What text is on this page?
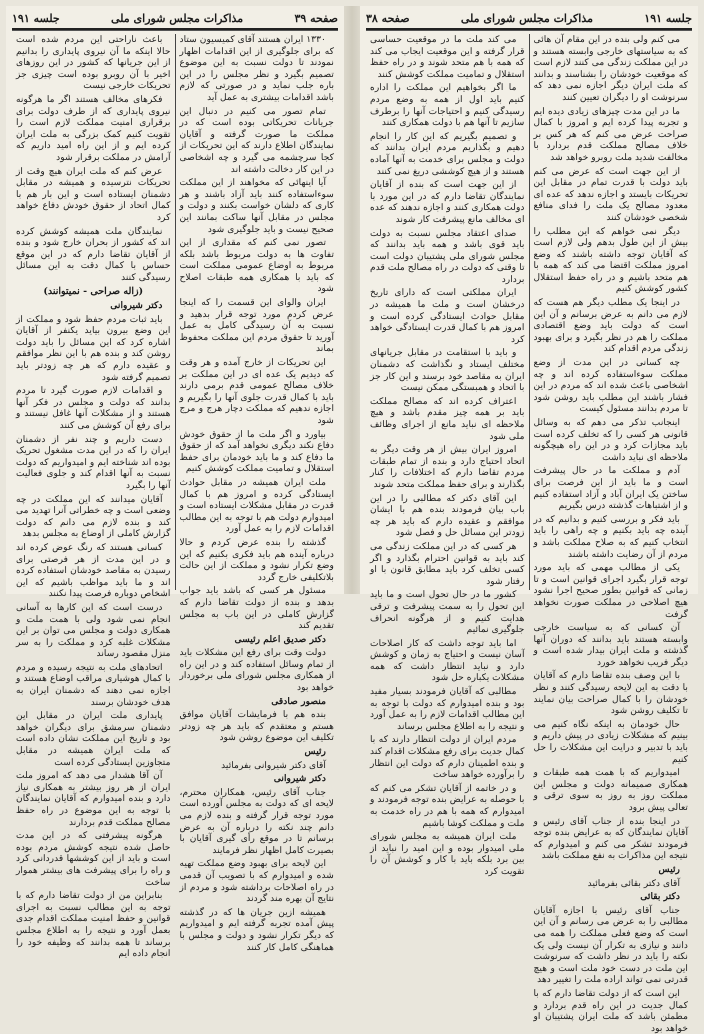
صفحه ۳۹
مذاکرات مجلس شورای ملی
جلسه ۱۹۱

۱۳۳۰ ایران هستند آقای کمیسیون ستاد که برای جلوگیری از این اقدامات اظهار نمودند تا دولت نسبت به این موضوع تصمیم بگیرد و نظر مجلس را در این باره جلب نماید و در صورتی که لازم باشد اقدامات بیشتری به عمل آید

تمام تصور می کنیم در دنبال این جریانات تحریکاتی بوده است که در مملکت ما صورت گرفته و آقایان نمایندگان اطلاع دارند که این تحریکات از کجا سرچشمه می گیرد و چه اشخاصی در این کار دخالت داشته اند

آیا اینهائی که مخواهند از این مملکت سوءاستفاده کنند باید آزاد باشند و هر کاری که دلشان خواست بکنند و دولت و مجلس در مقابل آنها ساکت بمانند این صحیح نیست و باید جلوگیری شود

تصور نمی کنم که مقداری از این تفاوت ها به دولت مربوط باشد بلکه مربوط به اوضاع عمومی مملکت است که باید با همکاری همه طبقات اصلاح شود

ایران والوای این قسمت را که اینجا عرض کردم مورد توجه قرار بدهید و نسبت به آن رسیدگی کامل به عمل آورید تا حقوق مردم این مملکت محفوظ بماند

این تحریکات از خارج آمده و هر وقت که دیدیم یک عده ای در این مملکت بر خلاف مصالح عمومی قدم برمی دارند باید با کمال قدرت جلوی آنها را بگیریم و اجازه ندهیم که مملکت دچار هرج و مرج شود

بیاورد و اگر ملت ما از حقوق خودش دفاع نکند دیگری نخواهد آمد که از حقوق ما دفاع کند و ما باید خودمان برای حفظ استقلال و تمامیت مملکت کوشش کنیم

ملت ایران همیشه در مقابل حوادث ایستادگی کرده و امروز هم با کمال قدرت در مقابل مشکلات ایستاده است و امیدوارم دولت هم با توجه به این مطالب اقدامات لازم را به عمل آورد

گذشته را بنده عرض کردم و حالا درباره آینده هم باید فکری بکنیم که این وضع تکرار نشود و مملکت از این حالت بلاتکلیفی خارج گردد

مسئول هر کسی که باشد باید جواب بدهد و بنده از دولت تقاضا دارم که گزارش کاملی در این باب به مجلس تقدیم کند

دکتر صدیق اعلم رئیسی

دولت وقت برای رفع این مشکلات باید از تمام وسائل استفاده کند و در این راه از همکاری مجلس شورای ملی برخوردار خواهد بود

منصور صادقی

بنده هم با فرمایشات آقایان موافق هستم و معتقدم که باید هر چه زودتر تکلیف این موضوع روشن شود

رئیس

آقای دکتر شیروانی بفرمائید

دکتر شیروانی

جناب آقای رئیس، همکاران محترم، لایحه ای که دولت به مجلس آورده است مورد توجه قرار گرفته و بنده لازم می دانم چند نکته را درباره آن به عرض برسانم تا در موقع رأی گیری آقایان با بصیرت کامل اظهار نظر فرمایند

این لایحه برای بهبود وضع مملکت تهیه شده و امیدوارم که با تصویب آن قدمی در راه اصلاحات برداشته شود و مردم از نتایج آن بهره مند گردند

همیشه ازین جریان ها که در گذشته پیش آمده تجربه گرفته ایم و امیدواریم که دیگر تکرار نشود و دولت و مجلس با هماهنگی کامل کار کنند

باعث ناراحتی این مردم شده است حالا اینکه ما آن نیروی پایداری را بدانیم از این جریانها که کشور در این روزهای اخیر با آن روبرو بوده است چیزی جز تحریکات خارجی نیست

فکرهای مخالف هستند اگر ما هرگونه نیروی پایداری که از طرف دولت برای برقراری امنیت مملکت لازم است را تقویت کنیم کمک بزرگی به ملت ایران کرده ایم و از این راه امید داریم که آرامش در مملکت برقرار شود

عرض کنم که ملت ایران هیچ وقت از تحریکات نترسیده و همیشه در مقابل دشمنان ایستاده است و این بار هم با کمال اتحاد از حقوق خودش دفاع خواهد کرد

نمایندگان ملت همیشه کوشش کرده اند که کشور از بحران خارج شود و بنده از آقایان تقاضا دارم که در این موقع حساس با کمال دقت به این مسائل رسیدگی کنند

(زاله صراحی - نمیتوانند)

دکتر شیروانی

باید ثبات مردم حفظ شود و مملکت از این وضع بیرون بیاید یکنفر از آقایان اشاره کرد که این مسائل را باید دولت روشن کند و بنده هم با این نظر موافقم و عقیده دارم که هر چه زودتر باید تصمیم گرفته شود

و اقدامات لازم صورت گیرد تا مردم بدانند که دولت و مجلس در فکر آنها هستند و از مشکلات آنها غافل نیستند و برای رفع آن کوشش می کنند

دست داریم و چند نفر از دشمنان ایران را که در این مدت مشغول تحریک بوده اند شناخته ایم و امیدواریم که دولت نسبت به آنها اقدام کند و جلوی فعالیت آنها را بگیرد

آقایان میدانند که این مملکت در چه وضعی است و چه خطراتی آنرا تهدید می کند و بنده لازم می دانم که دولت گزارش کاملی از اوضاع به مجلس بدهد

کسانی هستند که رنگ عوض کرده اند و در این مدت از هر فرصتی برای رسیدن به مقاصد خودشان استفاده کرده اند و ما باید مواظب باشیم که این اشخاص دوباره فرصت پیدا نکنند

درست است که این کارها به آسانی انجام نمی شود ولی با همت ملت و همکاری دولت و مجلس می توان بر این مشکلات غلبه کرد و مملکت را به سر منزل مقصود رساند

اتحادهای ملت به نتیجه رسیده و مردم با کمال هوشیاری مراقب اوضاع هستند و اجازه نمی دهند که دشمنان ایران به هدف خودشان برسند

پایداری ملت ایران در مقابل این دشمنان سرمشق برای دیگران خواهد بود و تاریخ این مملکت نشان داده است که ملت ایران همیشه در مقابل متجاوزین ایستادگی کرده است

آن آقا هشدار می دهد که امروز ملت ایران از هر روز بیشتر به همکاری نیاز دارد و بنده امیدوارم که آقایان نمایندگان با توجه به این موضوع در راه حفظ مصالح مملکت قدم بردارند

هرگونه پیشرفتی که در این مدت حاصل شده نتیجه کوشش مردم بوده است و باید از این کوششها قدردانی کرد و راه را برای پیشرفت های بیشتر هموار ساخت

بنابراین من از دولت تقاضا دارم که با توجه به این مطالب نسبت به اجرای قوانین و حفظ امنیت مملکت اقدام جدی بعمل آورد و نتیجه را به اطلاع مجلس برساند تا همه بدانند که وظیفه خود را انجام داده ایم

جلسه ۱۹۱
مذاکرات مجلس شورای ملی
صفحه ۳۸

می کنم ولی بنده در این مقام آن هائی که به سیاستهای خارجی وابسته هستند و در این مملکت زندگی می کنند لازم است که موقعیت خودشان را بشناسند و بدانند که ملت ایران دیگر اجازه نمی دهد که سرنوشت او را دیگران تعیین کنند

ما در این مدت چیزهای زیادی دیده ایم و تجربه پیدا کرده ایم و امروز با کمال صراحت عرض می کنم که هر کس بر خلاف مصالح مملکت قدم بردارد با مخالفت شدید ملت روبرو خواهد شد

از این جهت است که عرض می کنم باید دولت با قدرت تمام در مقابل این تحریکات بایستد و اجازه ندهد که عده ای معدود مصالح یک ملت را فدای منافع شخصی خودشان کنند

دیگر نمی خواهم که این مطلب را بیش از این طول بدهم ولی لازم است که آقایان توجه داشته باشند که وضع امروز مملکت اقتضا می کند که همه با هم متحد باشیم و در راه حفظ استقلال کشور کوشش کنیم

در اینجا یک مطلب دیگر هم هست که لازم می دانم به عرض برسانم و آن این است که دولت باید وضع اقتصادی مملکت را هم در نظر بگیرد و برای بهبود زندگی مردم اقدام کند

چه کسانی در این مدت از وضع مملکت سوءاستفاده کرده اند و چه اشخاصی باعث شده اند که مردم در این فشار باشند این مطلب باید روشن شود تا مردم بدانند مسئول کیست

اینجانب تذکر می دهم که به وسائل قانونی هر کسی را که تخلف کرده است باید مجازات کرد و در این راه هیچگونه ملاحظه ای نباید داشت

آدم و مملکت ما در حال پیشرفت است و ما باید از این فرصت برای ساختن یک ایران آباد و آزاد استفاده کنیم و از اشتباهات گذشته درس بگیریم

باید فکر و بررسی کنیم و بدانیم که در آینده چه باید بکنیم و چه راهی را باید انتخاب کنیم که به صلاح مملکت باشد و مردم از آن رضایت داشته باشند

یکی از مطالب مهمی که باید مورد توجه قرار بگیرد اجرای قوانین است و تا زمانی که قوانین بطور صحیح اجرا نشود هیچ اصلاحی در مملکت صورت نخواهد گرفت

آن کسانی که به سیاست خارجی وابسته هستند باید بدانند که دوران آنها گذشته و ملت ایران بیدار شده است و دیگر فریب نخواهد خورد

با این وصف بنده تقاضا دارم که آقایان با دقت به این لایحه رسیدگی کنند و نظر خودشان را با کمال صراحت بیان نمایند تا تکلیف روشن شود

حال خودمان به اینکه نگاه کنیم می بینیم که مشکلات زیادی در پیش داریم و باید با تدبیر و درایت این مشکلات را حل کنیم

امیدواریم که با همت همه طبقات و همکاری صمیمانه دولت و مجلس این مملکت روز به روز به سوی ترقی و تعالی پیش برود

در اینجا بنده از جناب آقای رئیس و آقایان نمایندگان که به عرایض بنده توجه فرمودند تشکر می کنم و امیدوارم که نتیجه این مذاکرات به نفع مملکت باشد

رئیس

آقای دکتر بقائی بفرمائید

دکتر بقائی

جناب آقای رئیس با اجازه آقایان مطالبی را به عرض می رسانم و آن این است که وضع فعلی مملکت را همه می دانند و نیازی به تکرار آن نیست ولی یک نکته را باید در نظر داشت که سرنوشت این ملت در دست خود ملت است و هیچ قدرتی نمی تواند اراده ملت را تغییر دهد

این است که از دولت تقاضا دارم که با کمال جدیت در این راه قدم بردارد و مطمئن باشد که ملت ایران پشتیبان او خواهد بود

می کند ملت ما در موقعیت حساسی قرار گرفته و این موقعیت ایجاب می کند که همه با هم متحد شوند و در راه حفظ استقلال و تمامیت مملکت کوشش کنند

ما اگر بخواهیم این مملکت را اداره کنیم باید اول از همه به وضع مردم رسیدگی کنیم و احتیاجات آنها را برطرف سازیم تا آنها هم با دولت همکاری کنند

و تصمیم بگیریم که این کار را انجام دهیم و بگذاریم مردم ایران بدانند که دولت و مجلس برای خدمت به آنها آماده هستند و از هیچ کوششی دریغ نمی کنند

از این جهت است که بنده از آقایان نمایندگان تقاضا دارم که در این مورد با دولت همکاری کنند و اجازه ندهند که عده ای مخالف مانع پیشرفت کار شوند

صدای اعتقاد مجلس نسبت به دولت باید قوی باشد و همه باید بدانند که مجلس شورای ملی پشتیبان دولت است تا وقتی که دولت در راه مصالح ملت قدم بردارد

ایران مملکتی است که دارای تاریخ درخشان است و ملت ما همیشه در مقابل حوادث ایستادگی کرده است و امروز هم با کمال قدرت ایستادگی خواهد کرد

و باید با استقامت در مقابل جریانهای مختلف ایستاد و نگذاشت که دشمنان ایران به مقاصد خود برسند و این کار جز با اتحاد و همبستگی ممکن نیست

اعتراف کرده اند که مصالح مملکت باید بر همه چیز مقدم باشد و هیچ ملاحظه ای نباید مانع از اجرای وظائف ملی شود

امروز ایران بیش از هر وقت دیگر به اتحاد احتیاج دارد و بنده از تمام طبقات مردم تقاضا دارم که اختلافات را کنار بگذارند و برای حفظ مملکت متحد شوند

این آقای دکتر که مطالبی را در این باب بیان فرمودند بنده هم با ایشان موافقم و عقیده دارم که باید هر چه زودتر این مسائل حل و فصل شود

هر کسی که در این مملکت زندگی می کند باید به قوانین احترام بگذارد و اگر کسی تخلف کرد باید مطابق قانون با او رفتار شود

کشور ما در حال تحول است و ما باید این تحول را به سمت پیشرفت و ترقی هدایت کنیم و از هرگونه انحراف جلوگیری نمائیم

اما باید توجه داشت که کار اصلاحات آسان نیست و احتیاج به زمان و کوشش دارد و نباید انتظار داشت که همه مشکلات یکباره حل شود

مطالبی که آقایان فرمودند بسیار مفید بود و بنده امیدوارم که دولت با توجه به این مطالب اقدامات لازم را به عمل آورد و نتیجه را به اطلاع مجلس برساند

مردم ایران از دولت انتظار دارند که با کمال جدیت برای رفع مشکلات اقدام کند و بنده اطمینان دارم که دولت این انتظار را برآورده خواهد ساخت

و در خاتمه از آقایان تشکر می کنم که با حوصله به عرایض بنده توجه فرمودند و امیدوارم که همه با هم در راه خدمت به ملت و مملکت کوشا باشیم

ملت ایران همیشه به مجلس شورای ملی امیدوار بوده و این امید را نباید از بین برد بلکه باید با کار و کوشش آن را تقویت کرد
